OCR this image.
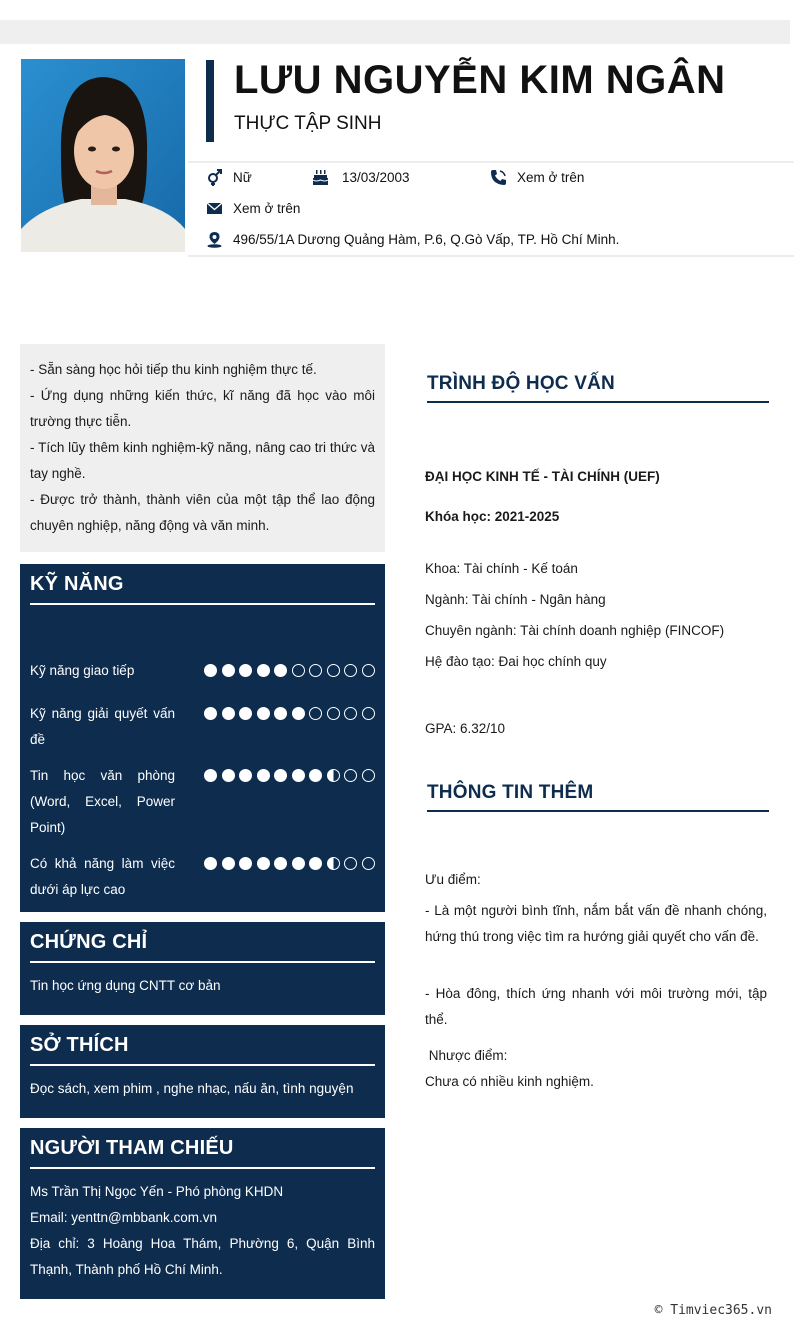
LƯU NGUYỄN KIM NGÂN
THỰC TẬP SINH
Nữ	13/03/2003	Xem ở trên
Xem ở trên
496/55/1A Dương Quảng Hàm, P.6, Q.Gò Vấp, TP. Hồ Chí Minh.

- Sẵn sàng học hỏi tiếp thu kinh nghiệm thực tế.

- Ứng dụng những kiến thức, kĩ năng đã học vào môi trường thực tiễn.

- Tích lũy thêm kinh nghiệm-kỹ năng, nâng cao tri thức và tay nghề.

- Được trở thành, thành viên của một tập thể lao động chuyên nghiệp, năng động và văn minh.

KỸ NĂNG
Kỹ năng giao tiếp
Kỹ năng giải quyết vấn đề
Tin học văn phòng (Word, Excel, Power Point)
Có khả năng làm việc dưới áp lực cao
CHỨNG CHỈ
Tin học ứng dụng CNTT cơ bản
SỞ THÍCH
Đọc sách, xem phim , nghe nhạc, nấu ăn, tình nguyện
NGƯỜI THAM CHIẾU
Ms Trần Thị Ngọc Yến - Phó phòng KHDN
Email: yenttn@mbbank.com.vn
Địa chỉ: 3 Hoàng Hoa Thám, Phường 6, Quận Bình Thạnh, Thành phố Hồ Chí Minh.
TRÌNH ĐỘ HỌC VẤN
ĐẠI HỌC KINH TẾ - TÀI CHÍNH (UEF)
Khóa học: 2021-2025
Khoa: Tài chính - Kế toán
Ngành: Tài chính - Ngân hàng
Chuyên ngành: Tài chính doanh nghiệp (FINCOF)
Hệ đào tạo: Đai học chính quy
GPA: 6.32/10
THÔNG TIN THÊM
Ưu điểm:
- Là một người bình tĩnh, nắm bắt vấn đề nhanh chóng, hứng thú trong việc tìm ra hướng giải quyết cho vấn đề.
- Hòa đông, thích ứng nhanh với môi trường mới, tập thể.
Nhược điểm:
Chưa có nhiều kinh nghiệm.
© Timviec365.vn
